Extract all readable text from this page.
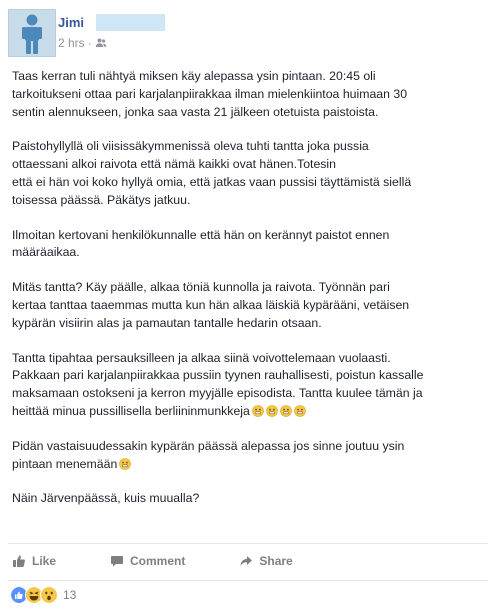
Jimi
2 hrs ·

Taas kerran tuli nähtyä miksen käy alepassa ysin pintaan. 20:45 oli
tarkoitukseni ottaa pari karjalanpiirakkaa ilman mielenkiintoa huimaan 30
sentin alennukseen, jonka saa vasta 21 jälkeen otetuista paistoista.

Paistohyllyllä oli viisissäkymmenissä oleva tuhti tantta joka pussia
ottaessani alkoi raivota että nämä kaikki ovat hänen.Totesin
että ei hän voi koko hyllyä omia, että jatkas vaan pussisi täyttämistä siellä
toisessa päässä. Päkätys jatkuu.

Ilmoitan kertovani henkilökunnalle että hän on kerännyt paistot ennen
määräaikaa.

Mitäs tantta? Käy päälle, alkaa töniä kunnolla ja raivota. Työnnän pari
kertaa tanttaa taaemmas mutta kun hän alkaa läiskiä kypärääni, vetäisen
kypärän visiirin alas ja pamautan tantalle hedarin otsaan.

Tantta tipahtaa persauksilleen ja alkaa siinä voivottelemaan vuolaasti.
Pakkaan pari karjalanpiirakkaa pussiin tyynen rauhallisesti, poistun kassalle
maksamaan ostokseni ja kerron myyjälle episodista. Tantta kuulee tämän ja
heittää minua pussillisella berliininmunkkeja

Pidän vastaisuudessakin kypärän päässä alepassa jos sinne joutuu ysin
pintaan menemään

Näin Järvenpäässä, kuis muualla?

Like	Comment	Share
13
